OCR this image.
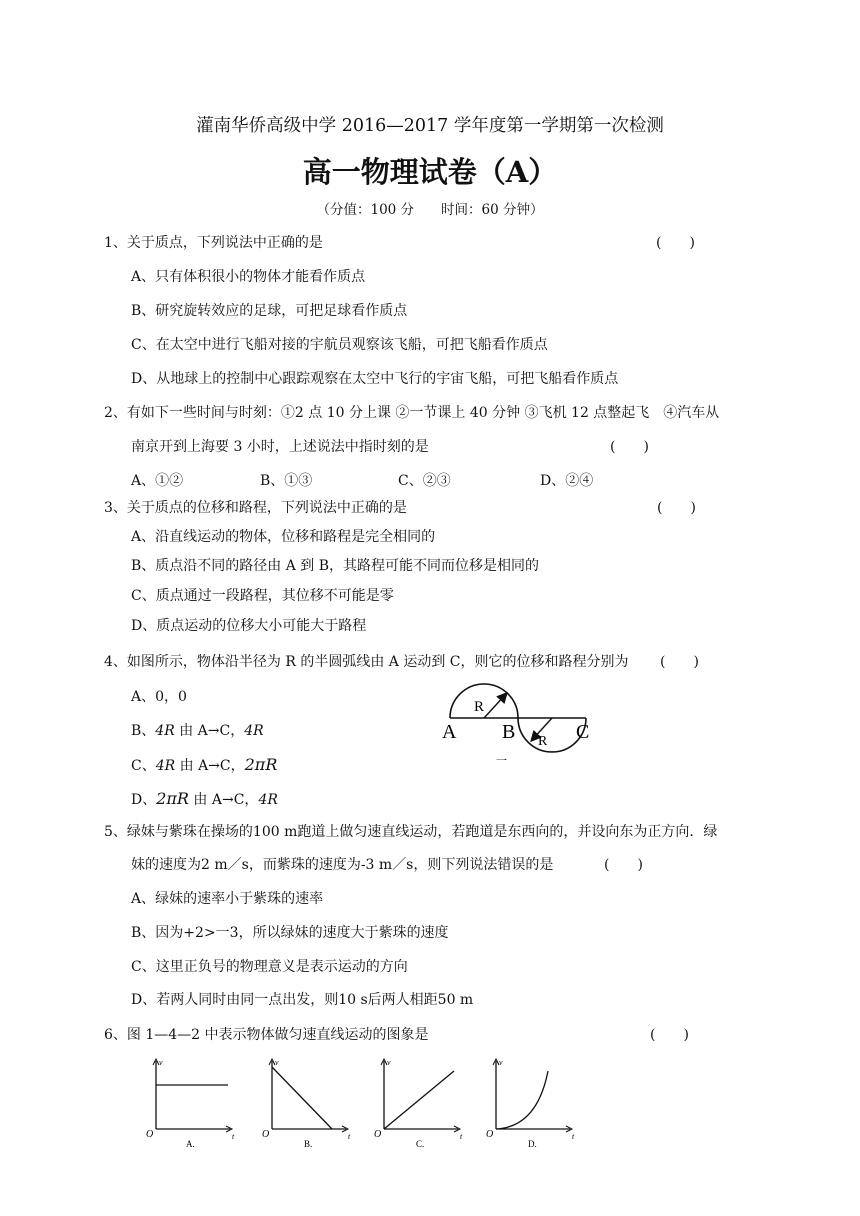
灌南华侨高级中学 2016—2017 学年度第一学期第一次检测
高一物理试卷（A）
（分值：100 分　　时间：60 分钟）
1、关于质点，下列说法中正确的是	(　　)
A、只有体积很小的物体才能看作质点
B、研究旋转效应的足球，可把足球看作质点
C、在太空中进行飞船对接的宇航员观察该飞船，可把飞船看作质点
D、从地球上的控制中心跟踪观察在太空中飞行的宇宙飞船，可把飞船看作质点
2、有如下一些时间与时刻：①2 点 10 分上课 ②一节课上 40 分钟 ③飞机 12 点整起飞　④汽车从
南京开到上海要 3 小时，上述说法中指时刻的是	(　　)
A、①②	B、①③	C、②③	D、②④
3、关于质点的位移和路程，下列说法中正确的是	(　　)
A、沿直线运动的物体，位移和路程是完全相同的
B、质点沿不同的路径由 A 到 B，其路程可能不同而位移是相同的
C、质点通过一段路程，其位移不可能是零
D、质点运动的位移大小可能大于路程
4、如图所示，物体沿半径为 R 的半圆弧线由 A 运动到 C，则它的位移和路程分别为 (　　)
A、0，0
B、4R 由 A→C，4R
C、4R 由 A→C，2πR
D、2πR 由 A→C，4R
R
R
A B	C
一
5、绿妹与紫珠在操场的100 m跑道上做匀速直线运动，若跑道是东西向的，并设向东为正方向．绿
妹的速度为2 m／s，而紫珠的速度为-3 m／s，则下列说法错误的是	(　　)
A、绿妹的速率小于紫珠的速率
B、因为+2>一3，所以绿妹的速度大于紫珠的速度
C、这里正负号的物理意义是表示运动的方向
D、若两人同时由同一点出发，则10 s后两人相距50 m
6、图 1—4—2 中表示物体做匀速直线运动的图象是	(　　)
O
v
t
A.
O
v
t
B.
O
v
t
C.
O
v
t
D.
